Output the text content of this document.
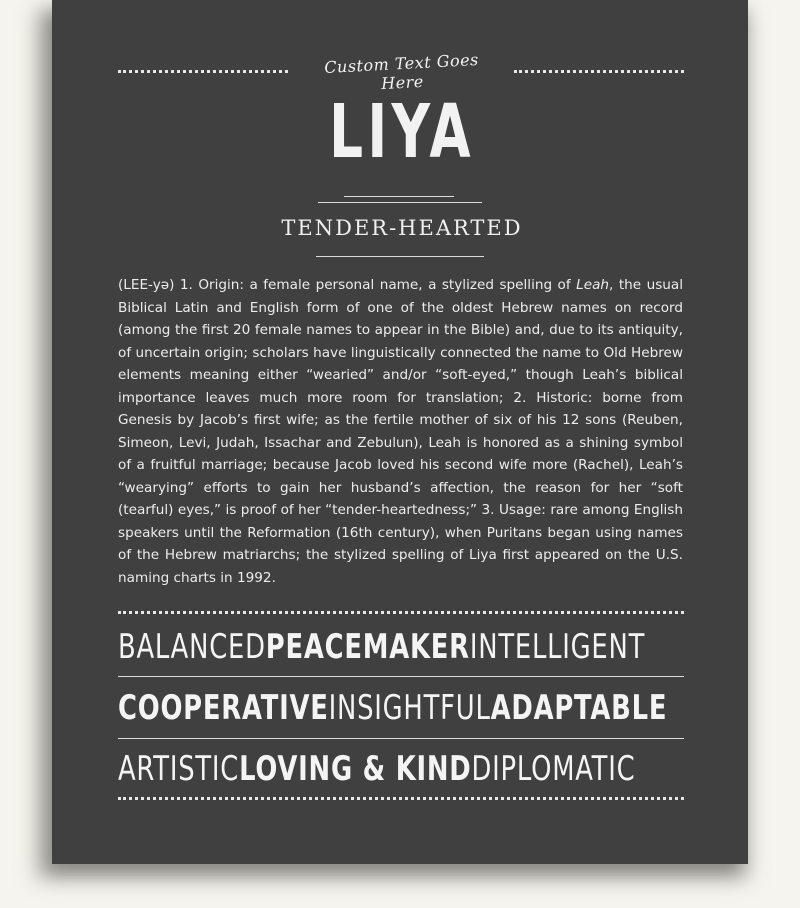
Custom Text Goes Here
LIYA
TENDER-HEARTED
(LEE-yə) 1. Origin: a female personal name, a stylized spelling of Leah, the usual Biblical Latin and English form of one of the oldest Hebrew names on record (among the first 20 female names to appear in the Bible) and, due to its antiquity, of uncertain origin; scholars have linguistically connected the name to Old Hebrew elements meaning either “wearied” and/or “soft-eyed,” though Leah’s biblical importance leaves much more room for translation; 2. Historic: borne from Genesis by Jacob’s first wife; as the fertile mother of six of his 12 sons (Reuben, Simeon, Levi, Judah, Issachar and Zebulun), Leah is honored as a shining symbol of a fruitful marriage; because Jacob loved his second wife more (Rachel), Leah’s “wearying” efforts to gain her husband’s affection, the reason for her “soft (tearful) eyes,” is proof of her “tender-heartedness;” 3. Usage: rare among English speakers until the Reformation (16th century), when Puritans began using names of the Hebrew matriarchs; the stylized spelling of Liya first appeared on the U.S. naming charts in 1992.
BALANCED PEACEMAKER INTELLIGENT
COOPERATIVE INSIGHTFUL ADAPTABLE
ARTISTIC LOVING & KIND DIPLOMATIC
